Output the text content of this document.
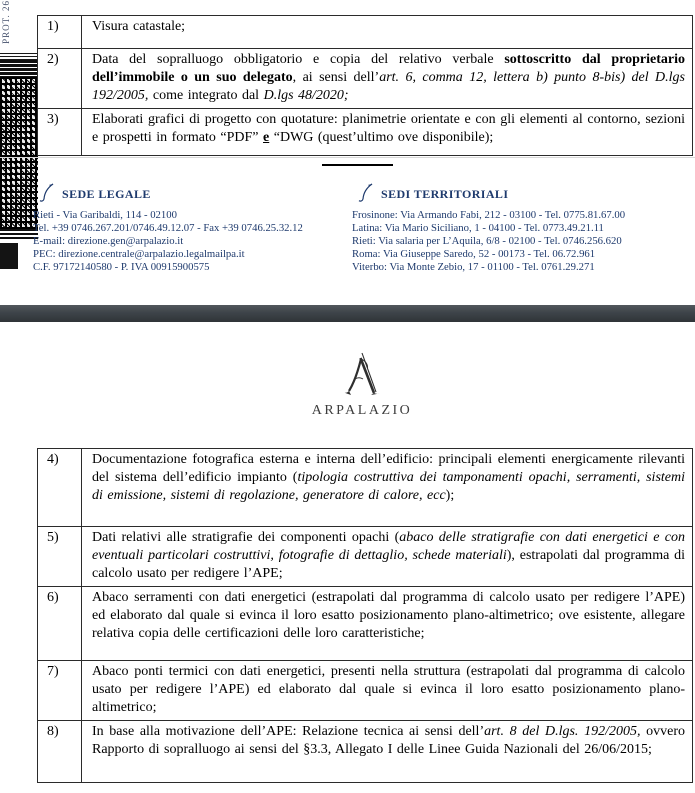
PROT. 26	1)	Visura catastale;
2)	Data del sopralluogo obbligatorio e copia del relativo verbale sottoscritto dal proprietario dell’immobile o un suo delegato, ai sensi dell’art. 6, comma 12, lettera b) punto 8-bis) del D.lgs 192/2005, come integrato dal D.lgs 48/2020;
3)	Elaborati grafici di progetto con quotature: planimetrie orientate e con gli elementi al contorno, sezioni e prospetti in formato “PDF” e “DWG (quest’ultimo ove disponibile);
SEDE LEGALE
Rieti - Via Garibaldi, 114 - 02100
Tel. +39 0746.267.201/0746.49.12.07 - Fax +39 0746.25.32.12
E-mail: direzione.gen@arpalazio.it
PEC: direzione.centrale@arpalazio.legalmailpa.it
C.F. 97172140580 - P. IVA 00915900575
SEDI TERRITORIALI
Frosinone: Via Armando Fabi, 212 - 03100 - Tel. 0775.81.67.00
Latina: Via Mario Siciliano, 1 - 04100 - Tel. 0773.49.21.11
Rieti: Via salaria per L’Aquila, 6/8 - 02100 - Tel. 0746.256.620
Roma: Via Giuseppe Saredo, 52 - 00173 - Tel. 06.72.961
Viterbo: Via Monte Zebio, 17 - 01100 - Tel. 0761.29.271
ARPALAZIO
4)	Documentazione fotografica esterna e interna dell’edificio: principali elementi energicamente rilevanti del sistema dell’edificio impianto (tipologia costruttiva dei tamponamenti opachi, serramenti, sistemi di emissione, sistemi di regolazione, generatore di calore, ecc);
5)	Dati relativi alle stratigrafie dei componenti opachi (abaco delle stratigrafie con dati energetici e con eventuali particolari costruttivi, fotografie di dettaglio, schede materiali), estrapolati dal programma di calcolo usato per redigere l’APE;
6)	Abaco serramenti con dati energetici (estrapolati dal programma di calcolo usato per redigere l’APE) ed elaborato dal quale si evinca il loro esatto posizionamento plano-altimetrico; ove esistente, allegare relativa copia delle certificazioni delle loro caratteristiche;
7)	Abaco ponti termici con dati energetici, presenti nella struttura (estrapolati dal programma di calcolo usato per redigere l’APE) ed elaborato dal quale si evinca il loro esatto posizionamento plano-altimetrico;
8)	In base alla motivazione dell’APE: Relazione tecnica ai sensi dell’art. 8 del D.lgs. 192/2005, ovvero Rapporto di sopralluogo ai sensi del §3.3, Allegato I delle Linee Guida Nazionali del 26/06/2015;
